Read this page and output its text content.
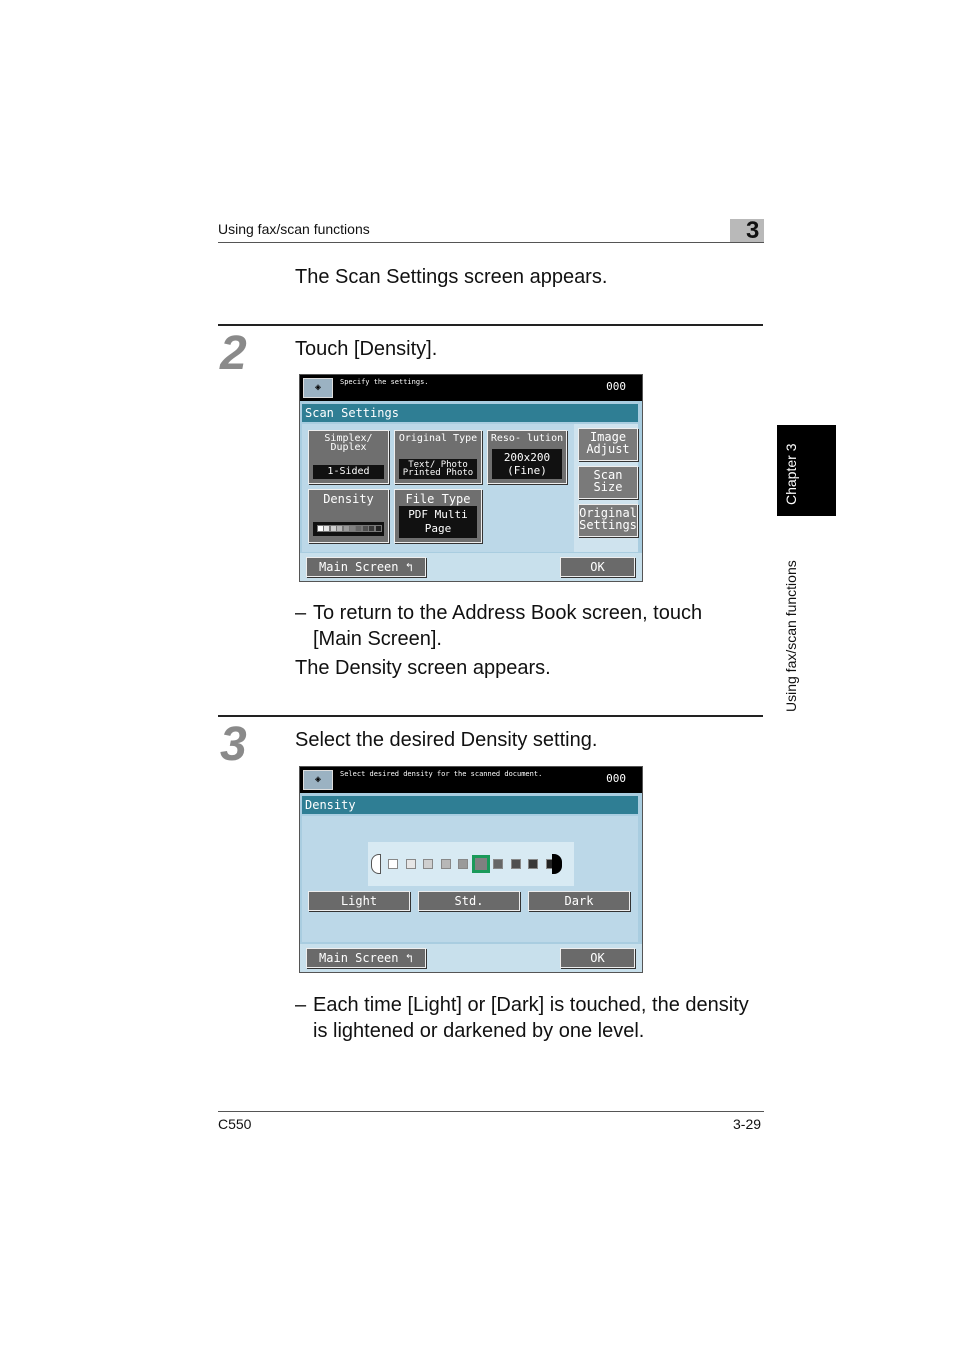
Using fax/scan functions	3
The Scan Settings screen appears.
2 Touch [Density].
◈	Specify the settings.	000
Scan Settings
Simplex/ Duplex
1-Sided
Original Type
Text/ Photo Printed Photo
Reso- lution
200x200 (Fine)
Density	File Type
PDF Multi Page
Image Adjust
Scan Size
Original Settings
Main Screen ↰	OK
– To return to the Address Book screen, touch [Main Screen].
The Density screen appears.
3 Select the desired Density setting.
◈	Select desired density for the scanned document.	000
Density
Light	Std.	Dark
Main Screen ↰	OK
– Each time [Light] or [Dark] is touched, the density is lightened or darkened by one level.
Chapter 3
Using fax/scan functions
C550	3-29
